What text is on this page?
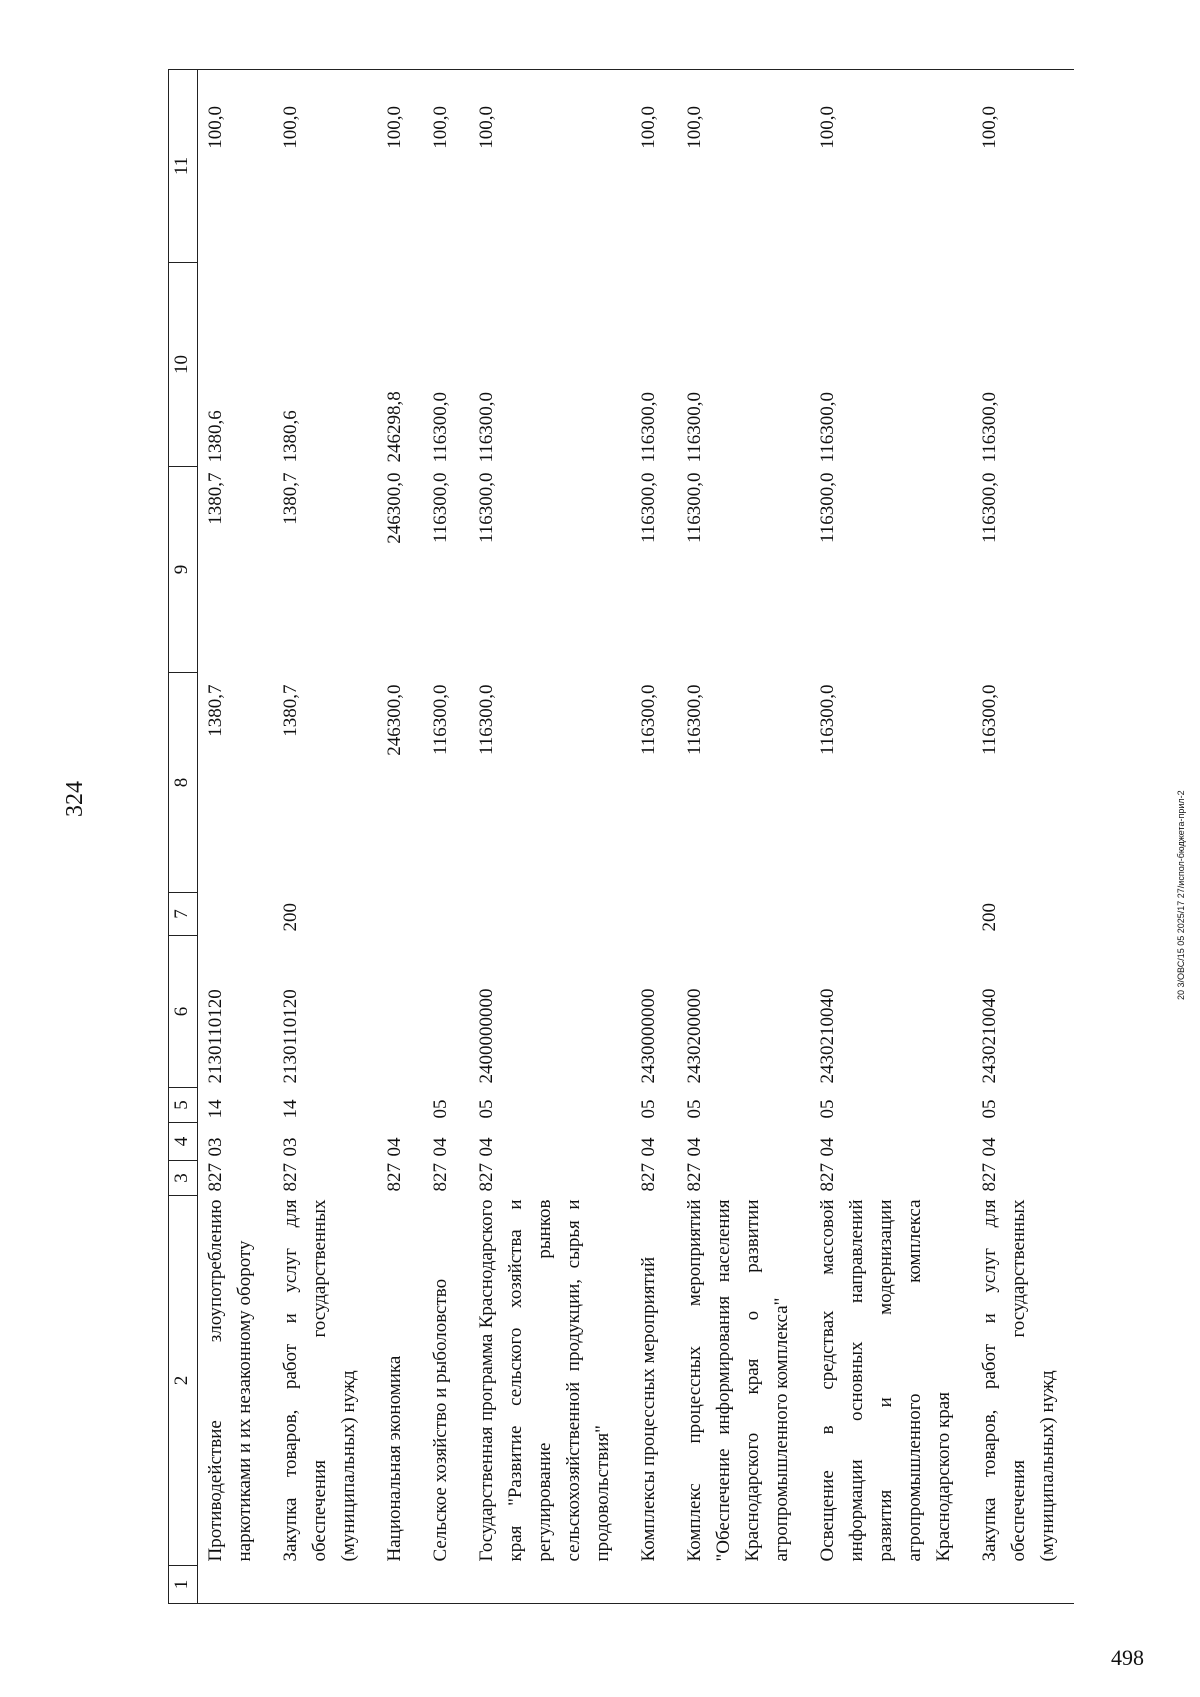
324
1	2	3	4	5	6	7	8	9	10	11
	Противодействие злоупотреблению наркотиками и их незаконному обороту	827	03	14	2130110120		1380,7	1380,7	1380,6	100,0
	Закупка товаров, работ и услуг для обеспечения государственных (муниципальных) нужд	827	03	14	2130110120	200	1380,7	1380,7	1380,6	100,0
	Национальная экономика	827	04				246300,0	246300,0	246298,8	100,0
	Сельское хозяйство и рыболовство	827	04	05			116300,0	116300,0	116300,0	100,0
	Государственная программа Краснодарского края "Развитие сельского хозяйства и регулирование рынков сельскохозяйственной продукции, сырья и продовольствия"	827	04	05	2400000000		116300,0	116300,0	116300,0	100,0
	Комплексы процессных мероприятий	827	04	05	2430000000		116300,0	116300,0	116300,0	100,0
	Комплекс процессных мероприятий "Обеспечение информирования населения Краснодарского края о развитии агропромышленного комплекса"	827	04	05	2430200000		116300,0	116300,0	116300,0	100,0
	Освещение в средствах массовой информации основных направлений развития и модернизации агропромышленного комплекса Краснодарского края	827	04	05	2430210040		116300,0	116300,0	116300,0	100,0
	Закупка товаров, работ и услуг для обеспечения государственных (муниципальных) нужд	827	04	05	2430210040	200	116300,0	116300,0	116300,0	100,0
20 3/ОВС/15 05 2025/17 27/испол-бюджета-прил-2
498
